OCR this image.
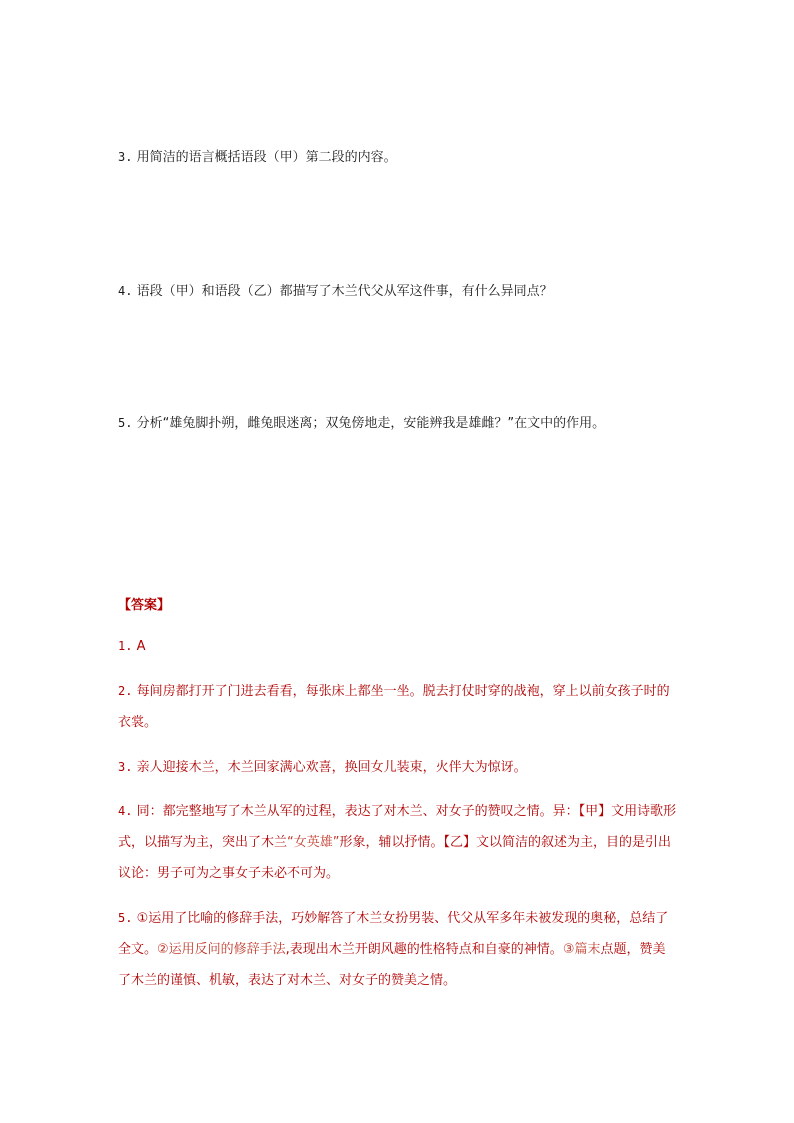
3. 用简洁的语言概括语段（甲）第二段的内容。
4. 语段（甲）和语段（乙）都描写了木兰代父从军这件事，有什么异同点？
5. 分析“雄兔脚扑朔，雌兔眼迷离；双兔傍地走，安能辨我是雄雌？”在文中的作用。
【答案】
1. A
2. 每间房都打开了门进去看看，每张床上都坐一坐。脱去打仗时穿的战袍，穿上以前女孩子时的衣裳。
3. 亲人迎接木兰，木兰回家满心欢喜，换回女儿装束，火伴大为惊讶。
4. 同：都完整地写了木兰从军的过程，表达了对木兰、对女子的赞叹之情。异：【甲】文用诗歌形式，以描写为主，突出了木兰“女英雄”形象，辅以抒情。【乙】文以简洁的叙述为主，目的是引出议论：男子可为之事女子未必不可为。
5. ①运用了比喻的修辞手法，巧妙解答了木兰女扮男装、代父从军多年未被发现的奥秘，总结了全文。②运用反问的修辞手法,表现出木兰开朗风趣的性格特点和自豪的神情。③篇末点题，赞美了木兰的谨慎、机敏，表达了对木兰、对女子的赞美之情。
